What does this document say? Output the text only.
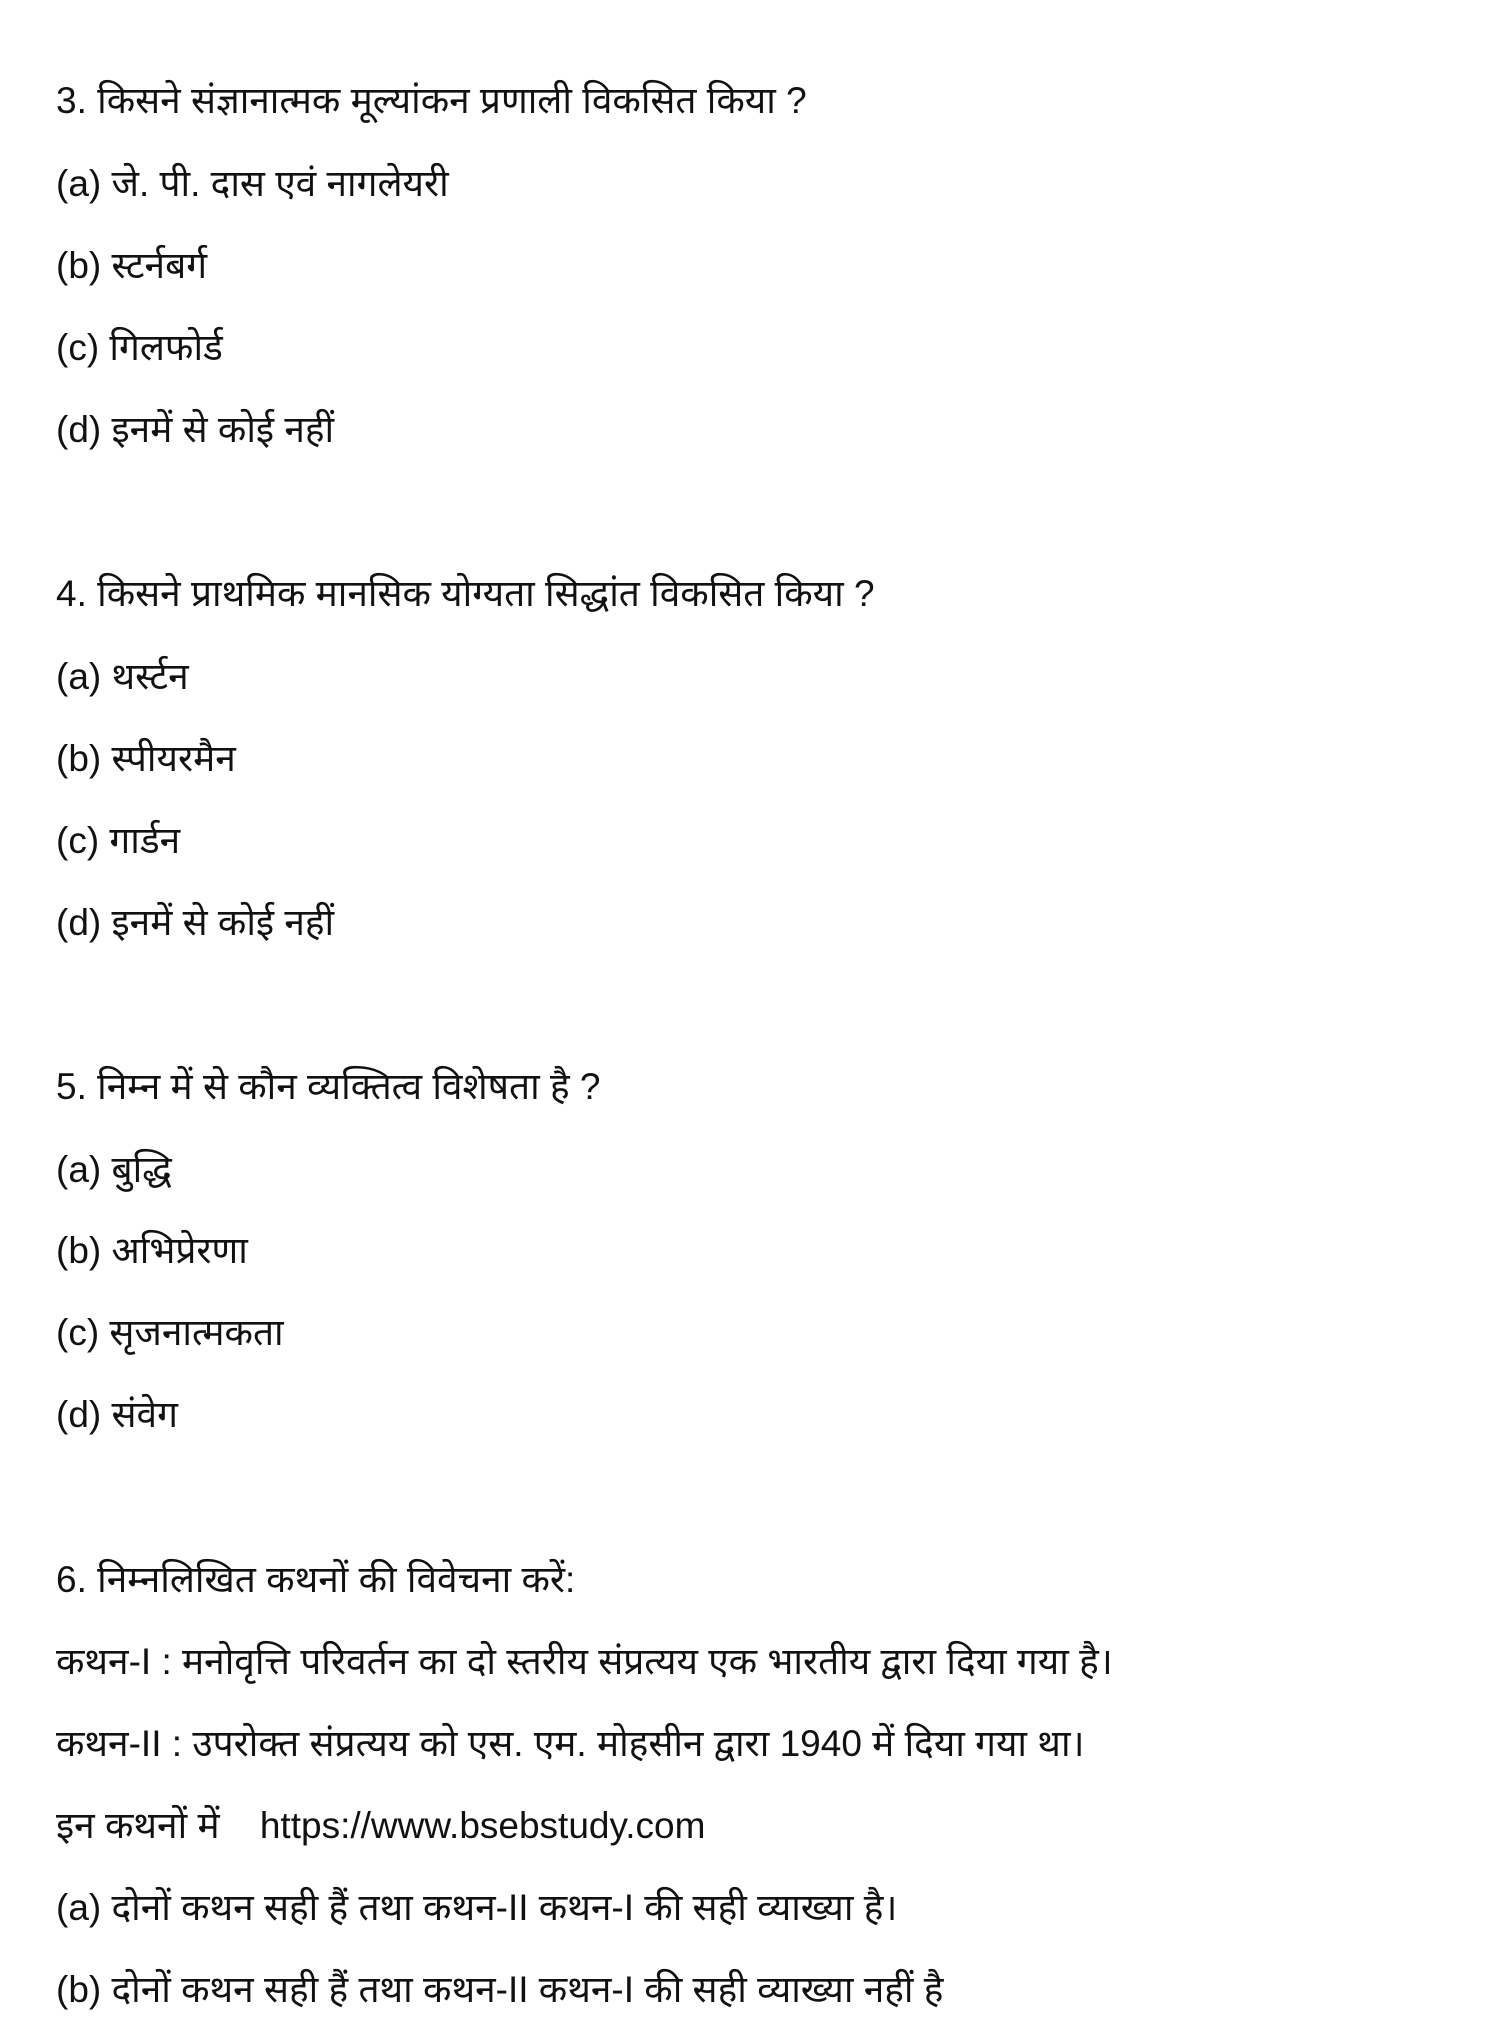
3. किसने संज्ञानात्मक मूल्यांकन प्रणाली विकसित किया ?
(a) जे. पी. दास एवं नागलेयरी
(b) स्टर्नबर्ग
(c) गिलफोर्ड
(d) इनमें से कोई नहीं
4. किसने प्राथमिक मानसिक योग्यता सिद्धांत विकसित किया ?
(a) थर्स्टन
(b) स्पीयरमैन
(c) गार्डन
(d) इनमें से कोई नहीं
5. निम्न में से कौन व्यक्तित्व विशेषता है ?
(a) बुद्धि
(b) अभिप्रेरणा
(c) सृजनात्मकता
(d) संवेग
6. निम्नलिखित कथनों की विवेचना करें:
कथन-I : मनोवृत्ति परिवर्तन का दो स्तरीय संप्रत्यय एक भारतीय द्वारा दिया गया है।
कथन-II : उपरोक्त संप्रत्यय को एस. एम. मोहसीन द्वारा 1940 में दिया गया था।
इन कथनों में https://www.bsebstudy.com
(a) दोनों कथन सही हैं तथा कथन-II कथन-I की सही व्याख्या है।
(b) दोनों कथन सही हैं तथा कथन-II कथन-I की सही व्याख्या नहीं है
